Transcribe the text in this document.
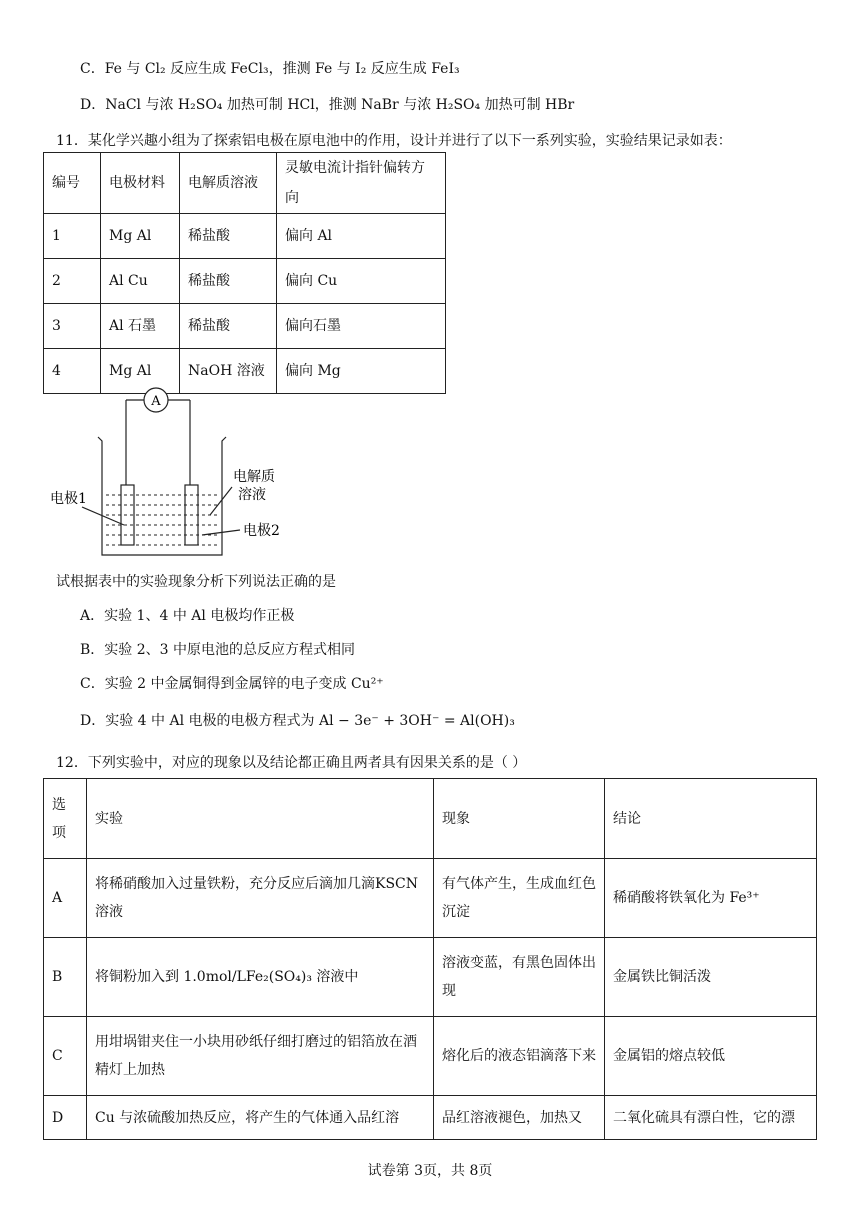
C．Fe 与 Cl₂ 反应生成 FeCl₃，推测 Fe 与 I₂ 反应生成 FeI₃
D．NaCl 与浓 H₂SO₄ 加热可制 HCl，推测 NaBr 与浓 H₂SO₄ 加热可制 HBr
11．某化学兴趣小组为了探索铝电极在原电池中的作用，设计并进行了以下一系列实验，实验结果记录如表：
编号	电极材料	电解质溶液	灵敏电流计指针偏转方向
1	Mg Al	稀盐酸	偏向 Al
2	Al Cu	稀盐酸	偏向 Cu
3	Al 石墨	稀盐酸	偏向石墨
4	Mg Al	NaOH 溶液	偏向 Mg
A
电极1
电解质
溶液
电极2
试根据表中的实验现象分析下列说法正确的是
A．实验 1、4 中 Al 电极均作正极
B．实验 2、3 中原电池的总反应方程式相同
C．实验 2 中金属铜得到金属锌的电子变成 Cu²⁺
D．实验 4 中 Al 电极的电极方程式为 Al − 3e⁻ + 3OH⁻ = Al(OH)₃
12．下列实验中，对应的现象以及结论都正确且两者具有因果关系的是（ ）
选项	实验	现象	结论
A	将稀硝酸加入过量铁粉，充分反应后滴加几滴KSCN 溶液	有气体产生，生成血红色沉淀	稀硝酸将铁氧化为 Fe³⁺
B	将铜粉加入到 1.0mol/LFe₂(SO₄)₃ 溶液中	溶液变蓝，有黑色固体出现	金属铁比铜活泼
C	用坩埚钳夹住一小块用砂纸仔细打磨过的铝箔放在酒精灯上加热	熔化后的液态铝滴落下来	金属铝的熔点较低
D	Cu 与浓硫酸加热反应，将产生的气体通入品红溶	品红溶液褪色，加热又	二氧化硫具有漂白性，它的漂
试卷第 3页，共 8页
